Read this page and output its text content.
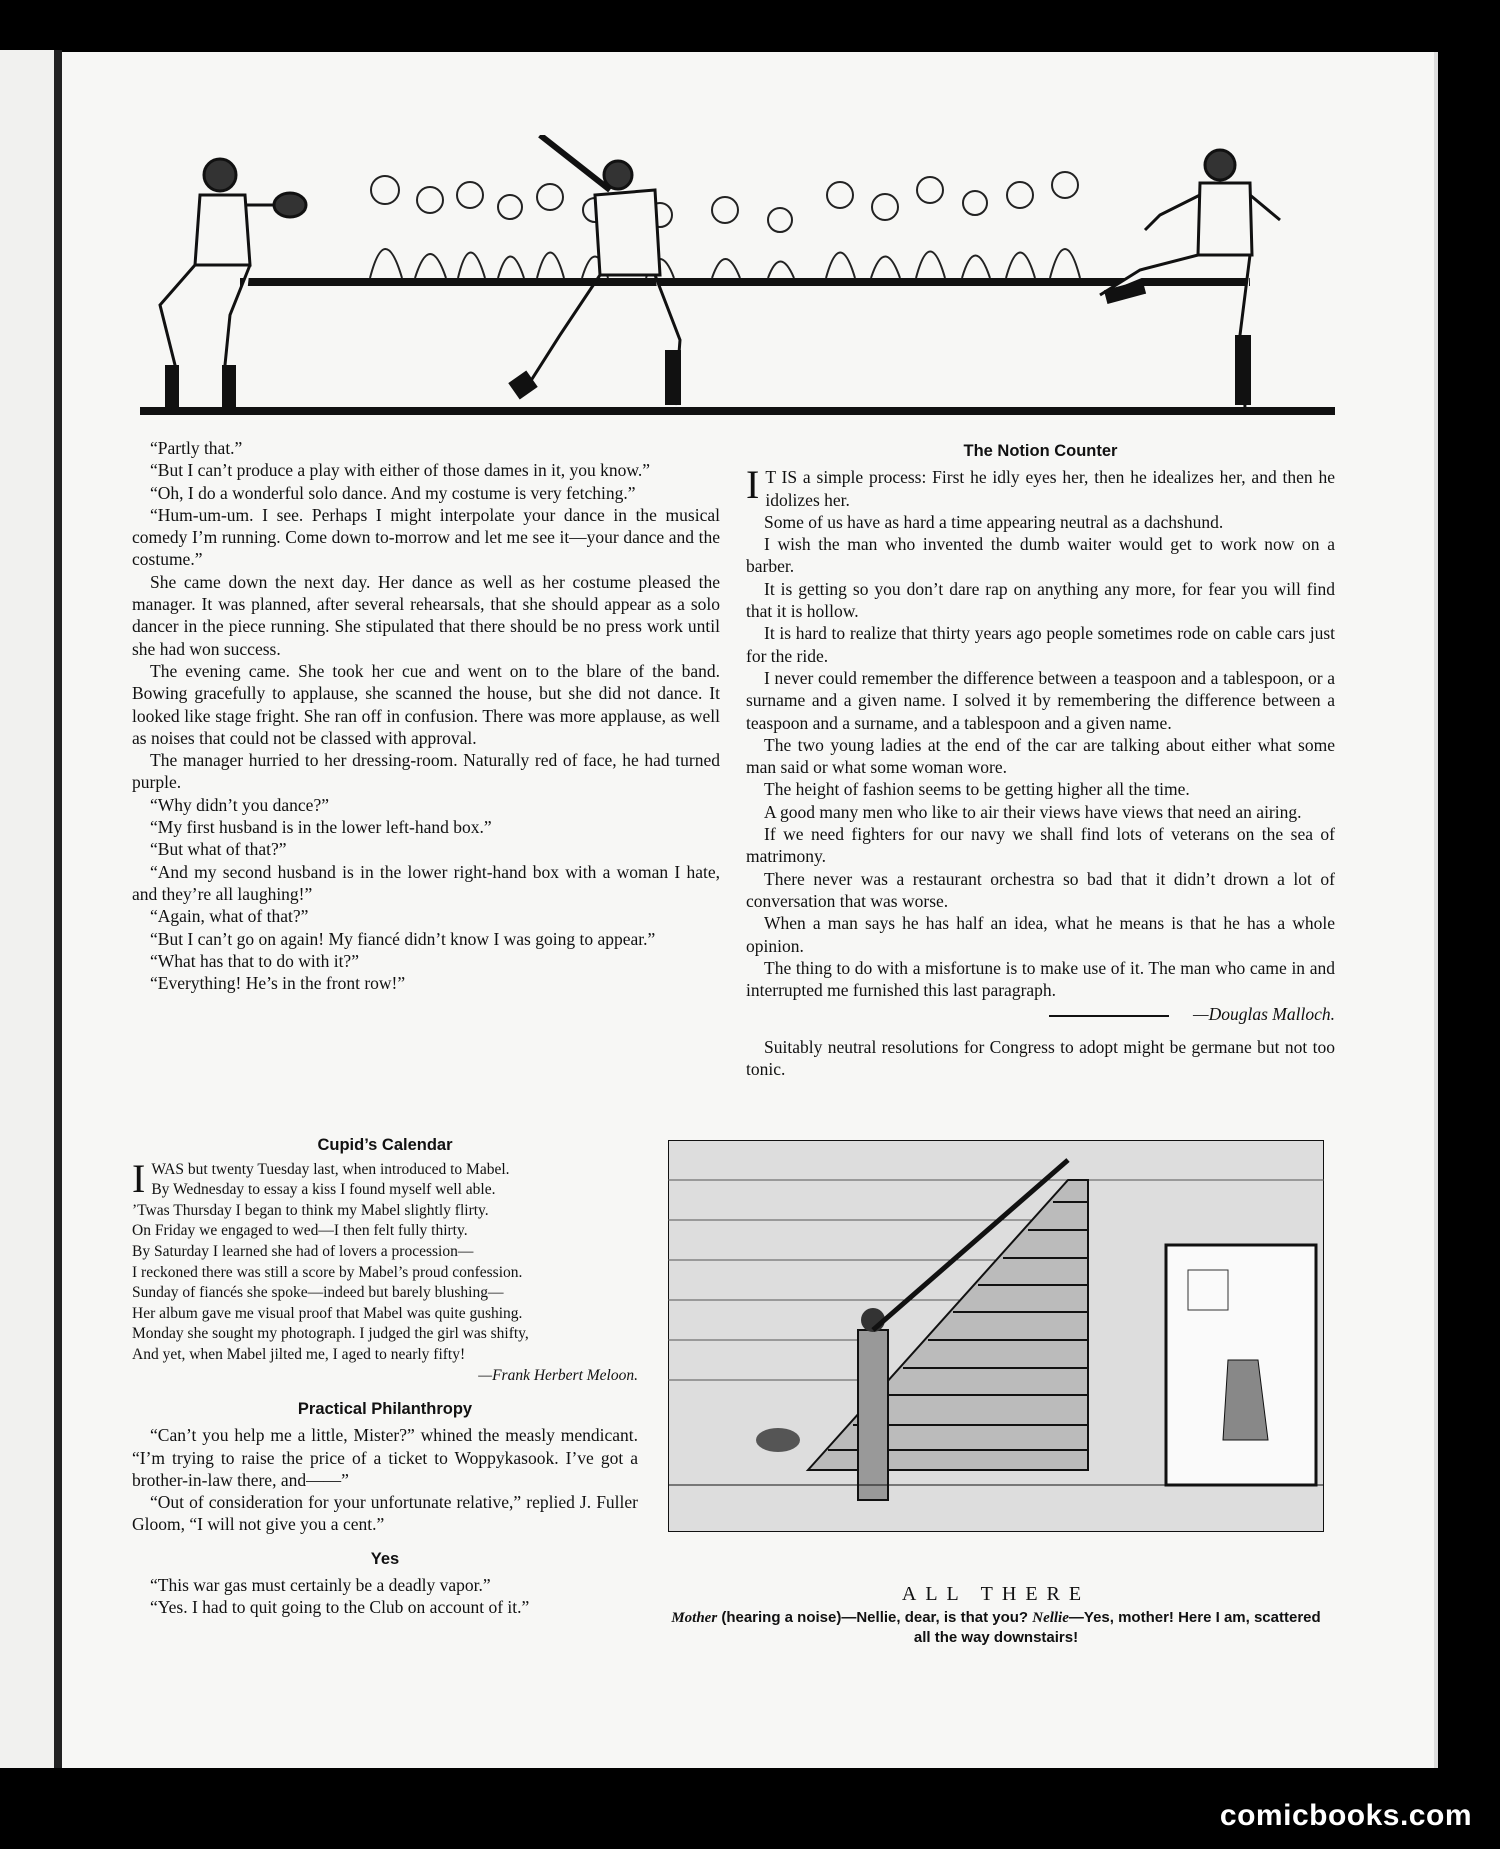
“Partly that.”

“But I can’t produce a play with either of those dames in it, you know.”

“Oh, I do a wonderful solo dance. And my costume is very fetching.”

“Hum-um-um. I see. Perhaps I might interpolate your dance in the musical comedy I’m running. Come down to-morrow and let me see it—your dance and the costume.”

She came down the next day. Her dance as well as her costume pleased the manager. It was planned, after several rehearsals, that she should appear as a solo dancer in the piece running. She stipulated that there should be no press work until she had won success.

The evening came. She took her cue and went on to the blare of the band. Bowing gracefully to applause, she scanned the house, but she did not dance. It looked like stage fright. She ran off in confusion. There was more applause, as well as noises that could not be classed with approval.

The manager hurried to her dressing-room. Naturally red of face, he had turned purple.

“Why didn’t you dance?”

“My first husband is in the lower left-hand box.”

“But what of that?”

“And my second husband is in the lower right-hand box with a woman I hate, and they’re all laughing!”

“Again, what of that?”

“But I can’t go on again! My fiancé didn’t know I was going to appear.”

“What has that to do with it?”

“Everything! He’s in the front row!”

Cupid’s Calendar
I WAS but twenty Tuesday last, when introduced to Mabel.

By Wednesday to essay a kiss I found myself well able.

’Twas Thursday I began to think my Mabel slightly flirty.

On Friday we engaged to wed—I then felt fully thirty.

By Saturday I learned she had of lovers a procession—

I reckoned there was still a score by Mabel’s proud confession.

Sunday of fiancés she spoke—indeed but barely blushing—

Her album gave me visual proof that Mabel was quite gushing.

Monday she sought my photograph. I judged the girl was shifty,

And yet, when Mabel jilted me, I aged to nearly fifty!

—Frank Herbert Meloon.

Practical Philanthropy

“Can’t you help me a little, Mister?” whined the measly mendicant. “I’m trying to raise the price of a ticket to Woppykasook. I’ve got a brother-in-law there, and——”

“Out of consideration for your unfortunate relative,” replied J. Fuller Gloom, “I will not give you a cent.”

Yes

“This war gas must certainly be a deadly vapor.”

“Yes. I had to quit going to the Club on account of it.”

The Notion Counter
I T IS a simple process: First he idly eyes her, then he idealizes her, and then he idolizes her.

Some of us have as hard a time appearing neutral as a dachshund.

I wish the man who invented the dumb waiter would get to work now on a barber.

It is getting so you don’t dare rap on anything any more, for fear you will find that it is hollow.

It is hard to realize that thirty years ago people sometimes rode on cable cars just for the ride.

I never could remember the difference between a teaspoon and a tablespoon, or a surname and a given name. I solved it by remembering the difference between a teaspoon and a surname, and a tablespoon and a given name.

The two young ladies at the end of the car are talking about either what some man said or what some woman wore.

The height of fashion seems to be getting higher all the time.

A good many men who like to air their views have views that need an airing.

If we need fighters for our navy we shall find lots of veterans on the sea of matrimony.

There never was a restaurant orchestra so bad that it didn’t drown a lot of conversation that was worse.

When a man says he has half an idea, what he means is that he has a whole opinion.

The thing to do with a misfortune is to make use of it. The man who came in and interrupted me furnished this last paragraph.

—Douglas Malloch.

Suitably neutral resolutions for Congress to adopt might be germane but not too tonic.

ALL THERE
Mother (hearing a noise)—Nellie, dear, is that you? Nellie—Yes, mother! Here I am, scattered all the way downstairs!
comicbooks.com
